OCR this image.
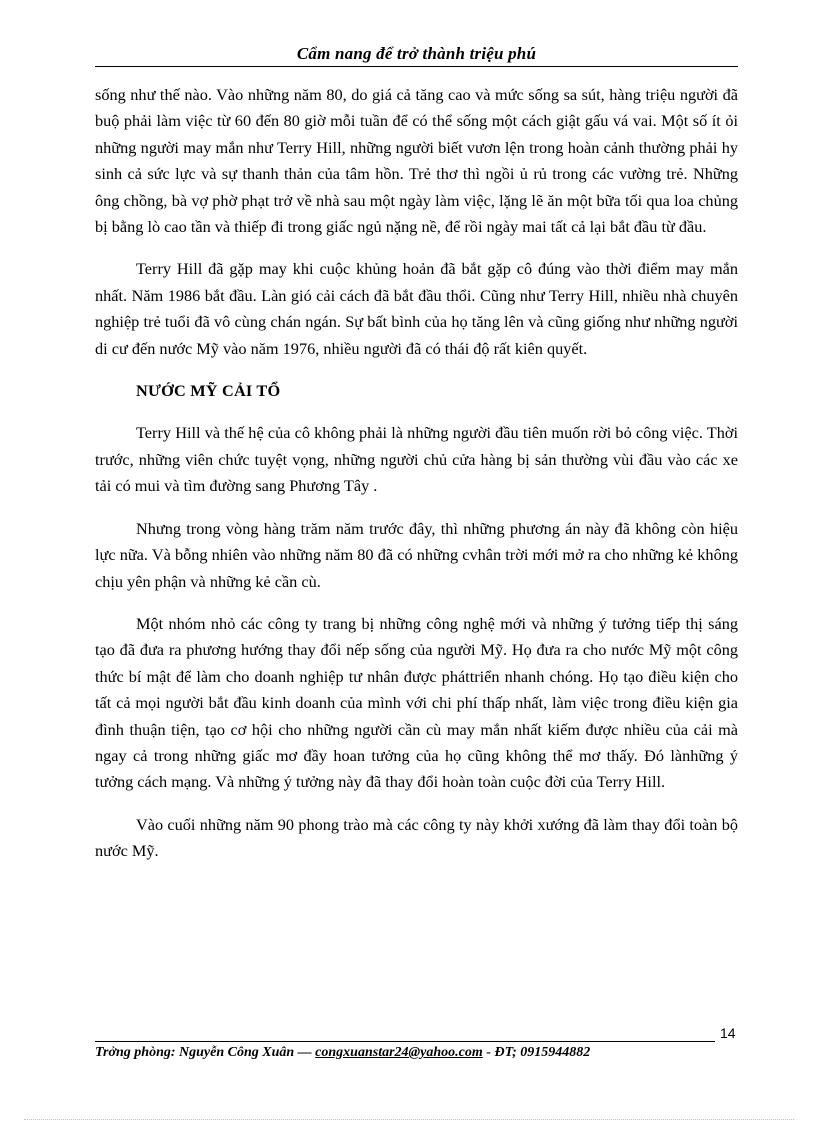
Cẩm nang để trở thành triệu phú

sống như thế nào. Vào những năm 80, do giá cả tăng cao và mức sống sa sút, hàng triệu người đã buộ phải làm việc từ 60 đến 80 giờ mỗi tuần để có thể sống một cách giật gấu vá vai. Một số ít ỏi những người may mắn như Terry Hill, những người biết vươn lện trong hoàn cảnh thường phải hy sinh cả sức lực và sự thanh thản của tâm hồn. Trẻ thơ thì ngồi ủ rủ trong các vường trẻ. Những ông chồng, bà vợ phờ phạt trở về nhà sau một ngày làm việc, lặng lẽ ăn một bữa tối qua loa chủng bị bằng lò cao tần và thiếp đi trong giấc ngủ nặng nề, để rồi ngày mai tất cả lại bắt đầu từ đầu.

Terry Hill đã gặp may khi cuộc khủng hoản đã bắt gặp cô đúng vào thời điểm may mắn nhất. Năm 1986 bắt đầu. Làn gió cải cách đã bắt đầu thổi. Cũng như Terry Hill, nhiều nhà chuyên nghiệp trẻ tuổi đã vô cùng chán ngán. Sự bất bình của họ tăng lên và cũng giống như những người di cư đến nước Mỹ vào năm 1976, nhiều người đã có thái độ rất kiên quyết.

NƯỚC MỸ CẢI TỔ

Terry Hill và thế hệ của cô không phải là những người đầu tiên muốn rời bỏ công việc. Thời trước, những viên chức tuyệt vọng, những người chủ cửa hàng bị sản thường vùi đầu vào các xe tải có mui và tìm đường sang Phương Tây .

Nhưng trong vòng hàng trăm năm trước đây, thì những phương án này đã không còn hiệu lực nữa. Và bỗng nhiên vào những năm 80 đã có những cvhân trời mới mở ra cho những kẻ không chịu yên phận và những kẻ cần cù.

Một nhóm nhỏ các công ty trang bị những công nghệ mới và những ý tưởng tiếp thị sáng tạo đã đưa ra phương hướng thay đổi nếp sống của người Mỹ. Họ đưa ra cho nước Mỹ một công thức bí mật để làm cho doanh nghiệp tư nhân được pháttriển nhanh chóng. Họ tạo điều kiện cho tất cả mọi người bắt đầu kinh doanh của mình với chi phí thấp nhất, làm việc trong điều kiện gia đình thuận tiện, tạo cơ hội cho những người cần cù may mắn nhất kiếm được nhiều của cải mà ngay cả trong những giấc mơ đầy hoan tưởng của họ cũng không thể mơ thấy. Đó lànhững ý tưởng cách mạng. Và những ý tưởng này đã thay đổi hoàn toàn cuộc đời của Terry Hill.

Vào cuối những năm 90 phong trào mà các công ty này khởi xướng đã làm thay đổi toàn bộ nước Mỹ.

14
Trởng phòng: Nguyễn Công Xuân — congxuanstar24@yahoo.com - ĐT; 0915944882
